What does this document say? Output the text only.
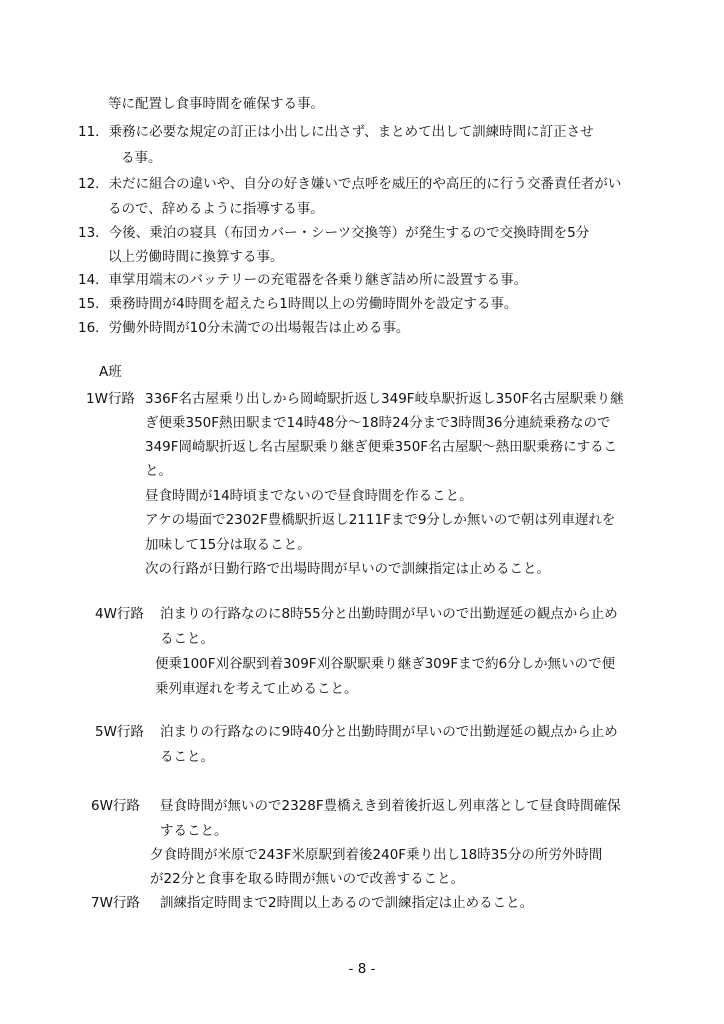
等に配置し食事時間を確保する事。
11．乗務に必要な規定の訂正は小出しに出さず、まとめて出して訓練時間に訂正させ
る事。
12．未だに組合の違いや、自分の好き嫌いで点呼を威圧的や高圧的に行う交番責任者がい
るので、辞めるように指導する事。
13．今後、乗泊の寝具（布団カバー・シーツ交換等）が発生するので交換時間を5分
以上労働時間に換算する事。
14．車掌用端末のバッテリーの充電器を各乗り継ぎ詰め所に設置する事。
15．乗務時間が4時間を超えたら1時間以上の労働時間外を設定する事。
16．労働外時間が10分未満での出場報告は止める事。
A班
1W行路 336F名古屋乗り出しから岡崎駅折返し349F岐阜駅折返し350F名古屋駅乗り継
ぎ便乗350F熱田駅まで14時48分～18時24分まで3時間36分連続乗務なので
349F岡崎駅折返し名古屋駅乗り継ぎ便乗350F名古屋駅～熱田駅乗務にするこ
と。
昼食時間が14時頃までないので昼食時間を作ること。
アケの場面で2302F豊橋駅折返し2111Fまで9分しか無いので朝は列車遅れを
加味して15分は取ること。
次の行路が日勤行路で出場時間が早いので訓練指定は止めること。
4W行路 泊まりの行路なのに8時55分と出勤時間が早いので出勤遅延の観点から止め
ること。
便乗100F刈谷駅到着309F刈谷駅駅乗り継ぎ309Fまで約6分しか無いので便
乗列車遅れを考えて止めること。
5W行路 泊まりの行路なのに9時40分と出勤時間が早いので出勤遅延の観点から止め
ること。
6W行路 昼食時間が無いので2328F豊橋えき到着後折返し列車落として昼食時間確保
すること。
夕食時間が米原で243F米原駅到着後240F乗り出し18時35分の所労外時間
が22分と食事を取る時間が無いので改善すること。
7W行路 訓練指定時間まで2時間以上あるので訓練指定は止めること。
- 8 -
